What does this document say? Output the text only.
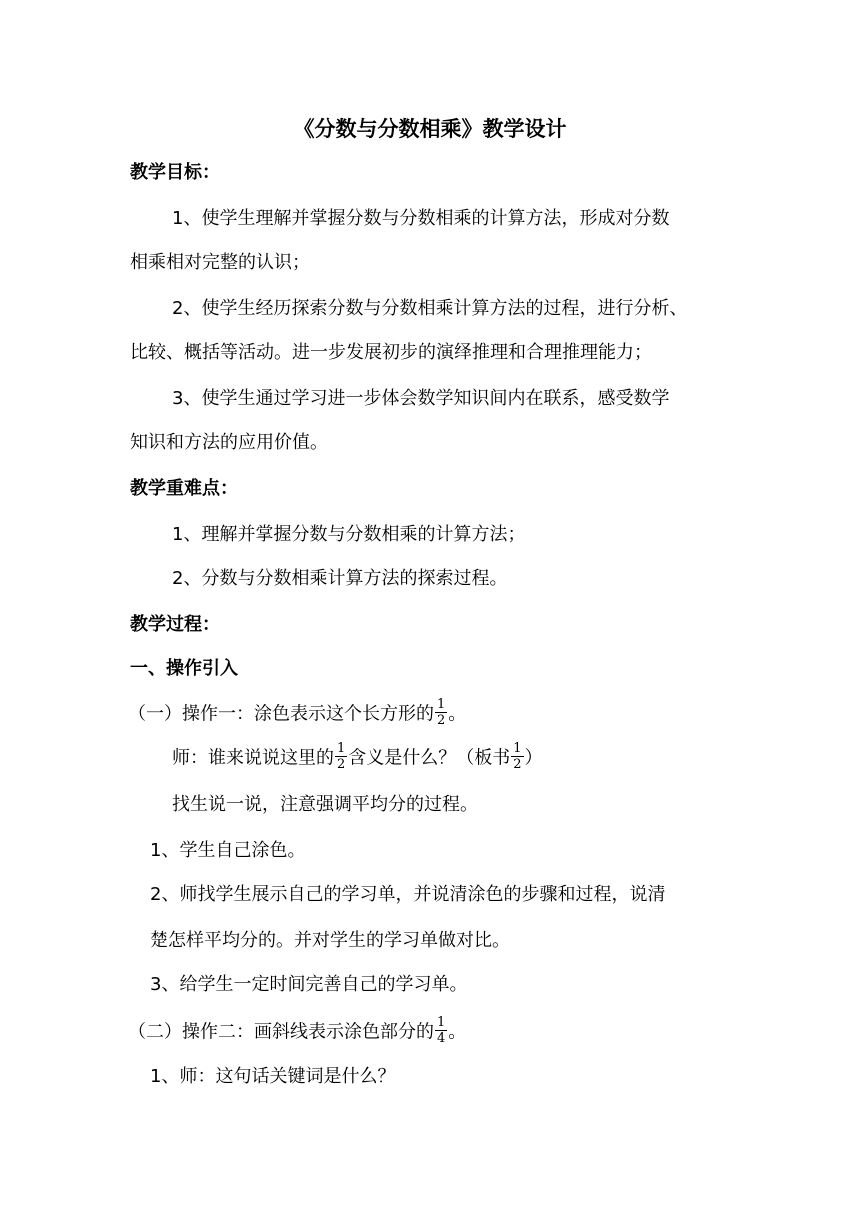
《分数与分数相乘》教学设计
教学目标：
1、使学生理解并掌握分数与分数相乘的计算方法，形成对分数
相乘相对完整的认识；
2、使学生经历探索分数与分数相乘计算方法的过程，进行分析、
比较、概括等活动。进一步发展初步的演绎推理和合理推理能力；
3、使学生通过学习进一步体会数学知识间内在联系，感受数学
知识和方法的应用价值。
教学重难点：
1、理解并掌握分数与分数相乘的计算方法；
2、分数与分数相乘计算方法的探索过程。
教学过程：
一、操作引入
（一）操作一：涂色表示这个长方形的 $\frac{1}{2}$ 。
师：谁来说说这里的 $\frac{1}{2}$ 含义是什么？（板书 $\frac{1}{2}$ ）
找生说一说，注意强调平均分的过程。
1、学生自己涂色。
2、师找学生展示自己的学习单，并说清涂色的步骤和过程，说清
楚怎样平均分的。并对学生的学习单做对比。
3、给学生一定时间完善自己的学习单。
（二）操作二：画斜线表示涂色部分的 $\frac{1}{4}$ 。
1、师：这句话关键词是什么？
